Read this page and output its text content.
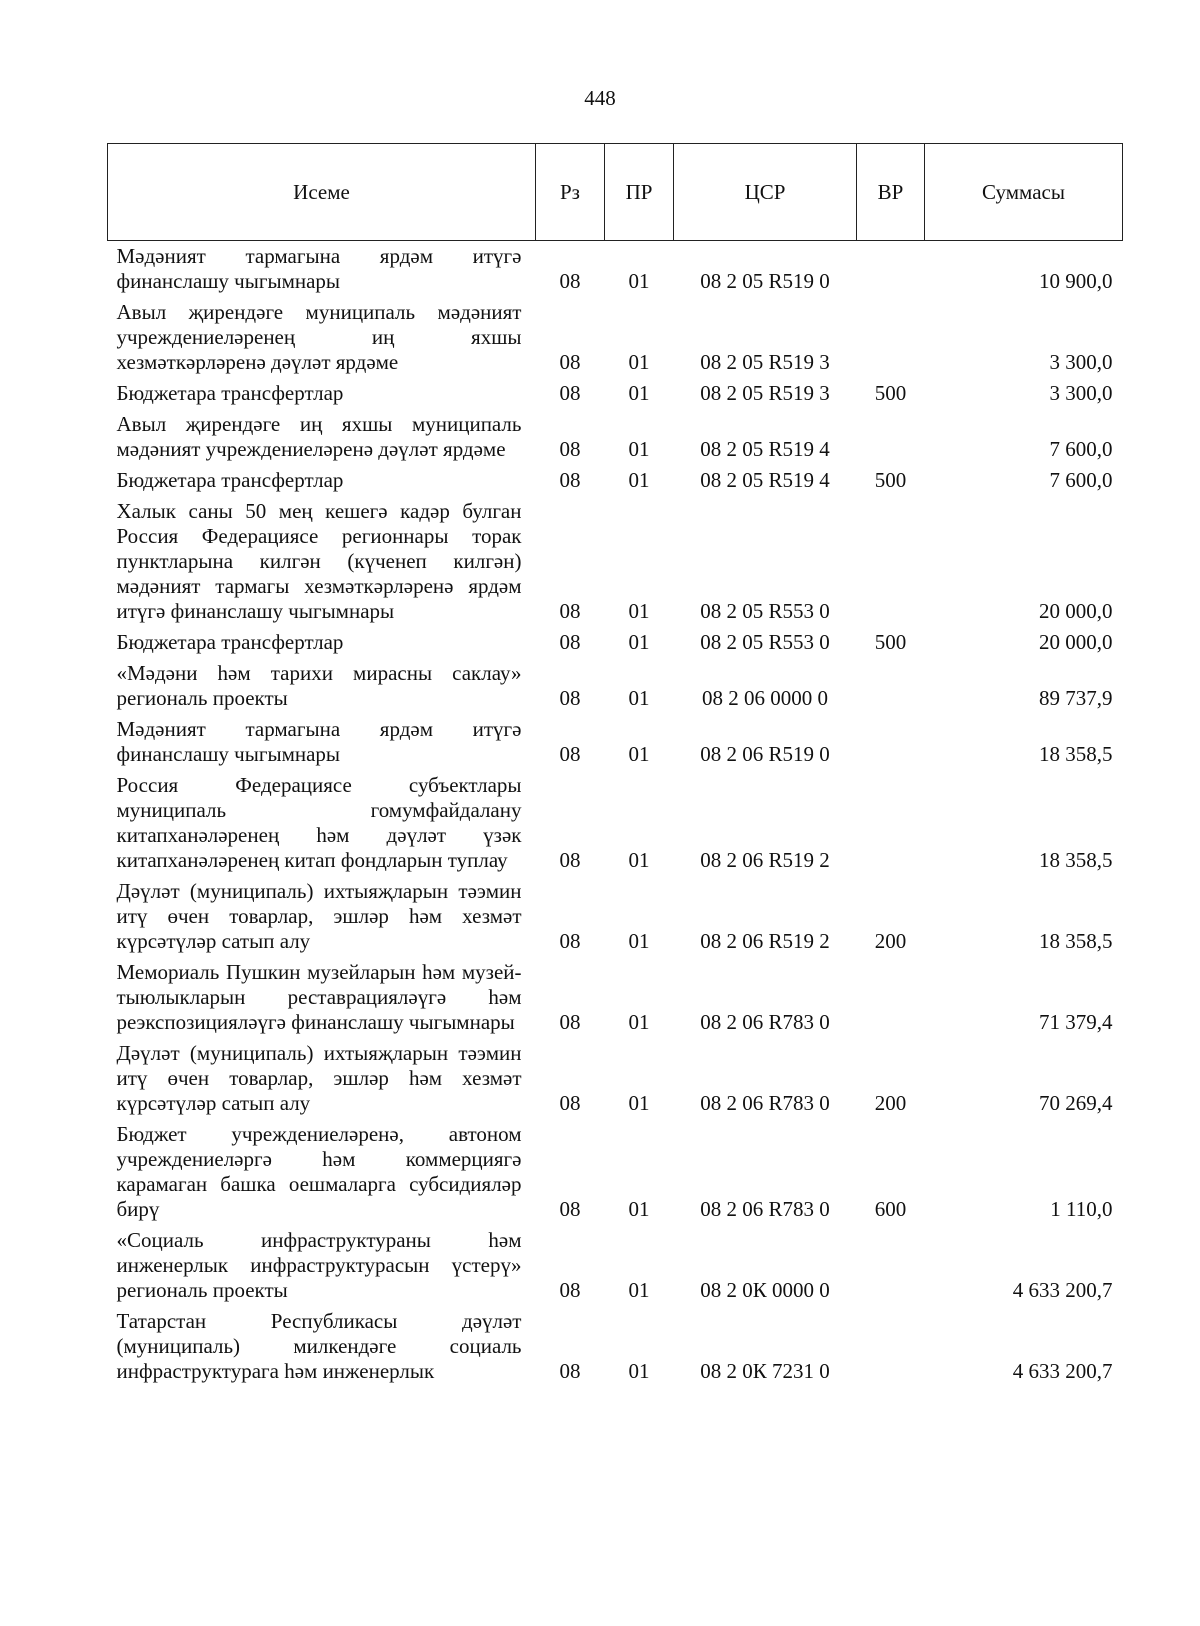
448
Исеме	Рз	ПР	ЦСР	ВР	Суммасы
Мәдәният тармагына ярдәм итүгә финанслашу чыгымнары	08	01	08 2 05 R519 0		10 900,0
Авыл җирендәге муниципаль мәдәният учреждениеләренең иң яхшы хезмәткәрләренә дәүләт ярдәме	08	01	08 2 05 R519 3		3 300,0
Бюджетара трансфертлар	08	01	08 2 05 R519 3	500	3 300,0
Авыл җирендәге иң яхшы муниципаль мәдәният учреждениеләренә дәүләт ярдәме	08	01	08 2 05 R519 4		7 600,0
Бюджетара трансфертлар	08	01	08 2 05 R519 4	500	7 600,0
Халык саны 50 мең кешегә кадәр булган Россия Федерациясе регионнары торак пунктларына килгән (күченеп килгән) мәдәният тармагы хезмәткәрләренә ярдәм итүгә финанслашу чыгымнары	08	01	08 2 05 R553 0		20 000,0
Бюджетара трансфертлар	08	01	08 2 05 R553 0	500	20 000,0
«Мәдәни һәм тарихи мирасны саклау» региональ проекты	08	01	08 2 06 0000 0		89 737,9
Мәдәният тармагына ярдәм итүгә финанслашу чыгымнары	08	01	08 2 06 R519 0		18 358,5
Россия Федерациясе субъектлары муниципаль гомумфайдалану китапханәләренең һәм дәүләт үзәк китапханәләренең китап фондларын туплау	08	01	08 2 06 R519 2		18 358,5
Дәүләт (муниципаль) ихтыяҗларын тәэмин итү өчен товарлар, эшләр һәм хезмәт күрсәтүләр сатып алу	08	01	08 2 06 R519 2	200	18 358,5
Мемориаль Пушкин музейларын һәм музей-тыюлыкларын реставрацияләүгә һәм реэкспозицияләүгә финанслашу чыгымнары	08	01	08 2 06 R783 0		71 379,4
Дәүләт (муниципаль) ихтыяҗларын тәэмин итү өчен товарлар, эшләр һәм хезмәт күрсәтүләр сатып алу	08	01	08 2 06 R783 0	200	70 269,4
Бюджет учреждениеләренә, автоном учреждениеләргә һәм коммерциягә карамаган башка оешмаларга субсидияләр бирү	08	01	08 2 06 R783 0	600	1 110,0
«Социаль инфраструктураны һәм инженерлык инфраструктурасын үстерү» региональ проекты	08	01	08 2 0К 0000 0		4 633 200,7
Татарстан Республикасы дәүләт (муниципаль) милкендәге социаль инфраструктурага һәм инженерлык	08	01	08 2 0К 7231 0		4 633 200,7
